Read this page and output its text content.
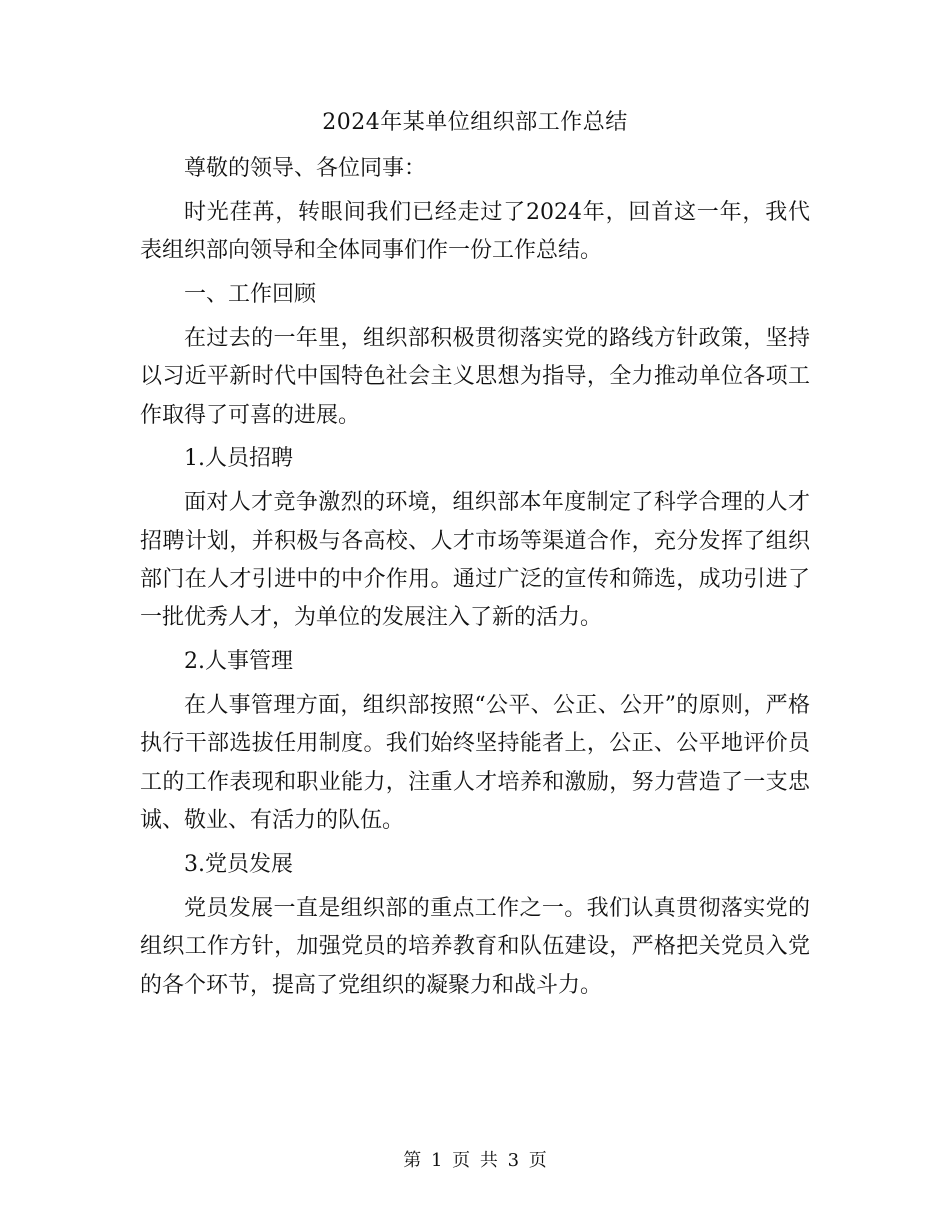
2024年某单位组织部工作总结

尊敬的领导、各位同事：

时光荏苒，转眼间我们已经走过了2024年，回首这一年，我代表组织部向领导和全体同事们作一份工作总结。

一、工作回顾

在过去的一年里，组织部积极贯彻落实党的路线方针政策，坚持以习近平新时代中国特色社会主义思想为指导，全力推动单位各项工作取得了可喜的进展。

1.人员招聘

面对人才竞争激烈的环境，组织部本年度制定了科学合理的人才招聘计划，并积极与各高校、人才市场等渠道合作，充分发挥了组织部门在人才引进中的中介作用。通过广泛的宣传和筛选，成功引进了一批优秀人才，为单位的发展注入了新的活力。

2.人事管理

在人事管理方面，组织部按照“公平、公正、公开”的原则，严格执行干部选拔任用制度。我们始终坚持能者上，公正、公平地评价员工的工作表现和职业能力，注重人才培养和激励，努力营造了一支忠诚、敬业、有活力的队伍。

3.党员发展

党员发展一直是组织部的重点工作之一。我们认真贯彻落实党的组织工作方针，加强党员的培养教育和队伍建设，严格把关党员入党的各个环节，提高了党组织的凝聚力和战斗力。

第 1 页 共 3 页
